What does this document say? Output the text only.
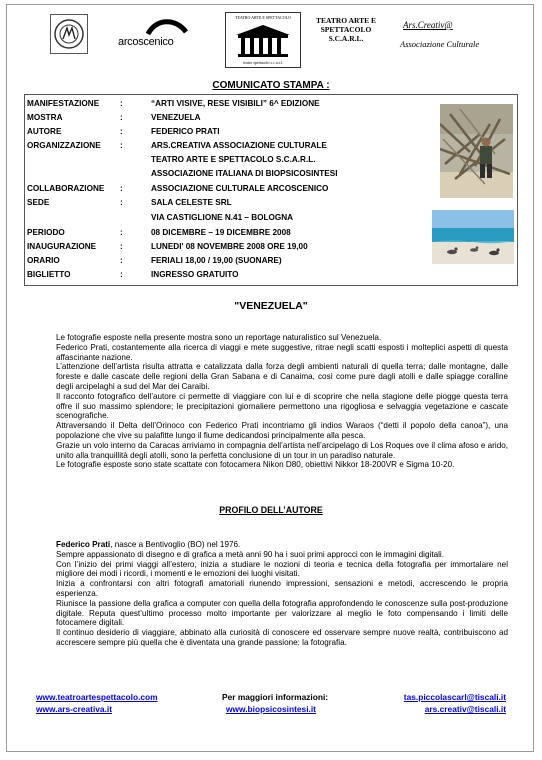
arcoscenico
TEATRO ARTE E SPETTACOLO
teatro spettacolo s.c.a.r.l.
TEATRO ARTE E SPETTACOLO S.C.A.R.L.
Ars.Creativ@
Associazione Culturale
COMUNICATO STAMPA :
MANIFESTAZIONE	:	“ARTI VISIVE, RESE VISIBILI” 6^ EDIZIONE
MOSTRA	:	VENEZUELA
AUTORE	:	FEDERICO PRATI
ORGANIZZAZIONE :	ARS.CREATIVA ASSOCIAZIONE CULTURALE
TEATRO ARTE E SPETTACOLO S.C.A.R.L.
ASSOCIAZIONE ITALIANA DI BIOPSICOSINTESI
COLLABORAZIONE :	ASSOCIAZIONE CULTURALE ARCOSCENICO
SEDE	:	SALA CELESTE SRL
VIA CASTIGLIONE N.41 – BOLOGNA
PERIODO	:	08 DICEMBRE – 19 DICEMBRE 2008
INAUGURAZIONE	:	LUNEDI' 08 NOVEMBRE 2008 ORE 19,00
ORARIO	:	FERIALI 18,00 / 19,00 (SUONARE)
BIGLIETTO	:	INGRESSO GRATUITO
"VENEZUELA"

Le fotografie esposte nella presente mostra sono un reportage naturalistico sul Venezuela.

Federico Prati, costantemente alla ricerca di viaggi e mete suggestive, ritrae negli scatti esposti i molteplici aspetti di questa affascinante nazione.

L’attenzione dell’artista risulta attratta e catalizzata dalla forza degli ambienti naturali di quella terra; dalle montagne, dalle foreste e dalle cascate delle regioni della Gran Sabana e di Canaima, così come pure dagli atolli e dalle spiagge coralline degli arcipelaghi a sud del Mar dei Caraibi.

Il racconto fotografico dell’autore ci permette di viaggiare con lui e di scoprire che nella stagione delle piogge questa terra offre il suo massimo splendore; le precipitazioni giornaliere permettono una rigogliosa e selvaggia vegetazione e cascate scenografiche.

Attraversando il Delta dell’Orinoco con Federico Prati incontriamo gli indios Waraos (“detti il popolo della canoa”), una popolazione che vive su palafitte lungo il fiume dedicandosi principalmente alla pesca.

Grazie un volo interno da Caracas arriviamo in compagnia dell’artista nell’arcipelago di Los Roques ove il clima afoso e arido, unito alla tranquillità degli atolli, sono la perfetta conclusione di un tour in un paradiso naturale.

Le fotografie esposte sono state scattate con fotocamera Nikon D80, obiettivi Nikkor 18-200VR e Sigma 10-20.

PROFILO DELL’AUTORE

Federico Prati, nasce a Bentivoglio (BO) nel 1976.

Sempre appassionato di disegno e di grafica a metà anni 90 ha i suoi primi approcci con le immagini digitali.

Con l’inizio dei primi viaggi all’estero, inizia a studiare le nozioni di teoria e tecnica della fotografia per immortalare nel migliore dei modi i ricordi, i momenti e le emozioni dei luoghi visitati.

Inizia a confrontarsi con altri fotografi amatoriali riunendo impressioni, sensazioni e metodi, accrescendo le propria esperienza.

Riunisce la passione della grafica a computer con quella della fotografia approfondendo le conoscenze sulla post-produzione digitale. Reputa quest’ultimo processo molto importante per valorizzare al meglio le foto compensando i limiti delle fotocamere digitali.

Il continuo desiderio di viaggiare, abbinato alla curiosità di conoscere ed osservare sempre nuove realtà, contribuiscono ad accrescere sempre più quella che è diventata una grande passione: la fotografia.

www.teatroartespettacolo.com
www.ars-creativa.it
Per maggiori informazioni:
www.biopsicosintesi.it
tas.piccolascarl@tiscali.it
ars.creativ@tiscali.it
